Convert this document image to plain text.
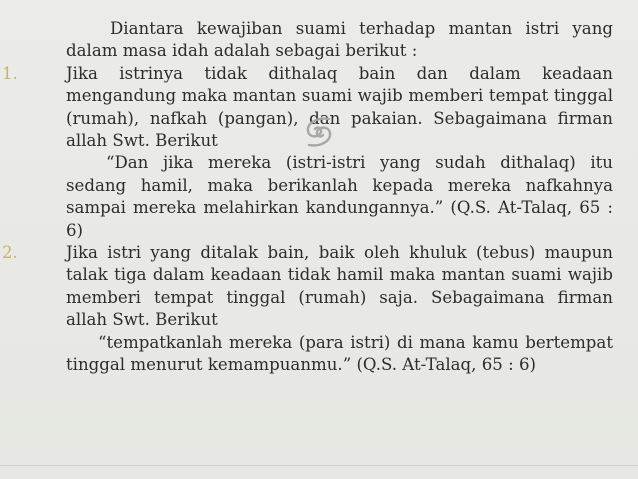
Diantara kewajiban suami terhadap mantan istri yang dalam masa idah adalah sebagai berikut :

1.	Jika istrinya tidak dithalaq bain dan dalam keadaan mengandung maka mantan suami wajib memberi tempat tinggal (rumah), nafkah (pangan), dan pakaian. Sebagaimana firman allah Swt. Berikut

“Dan jika mereka (istri-istri yang sudah dithalaq) itu sedang hamil, maka berikanlah kepada mereka nafkahnya sampai mereka melahirkan kandungannya.” (Q.S. At-Talaq, 65 : 6)

2.	Jika istri yang ditalak bain, baik oleh khuluk (tebus) maupun talak tiga dalam keadaan tidak hamil maka mantan suami wajib memberi tempat tinggal (rumah) saja. Sebagaimana firman allah Swt. Berikut

“tempatkanlah mereka (para istri) di mana kamu bertempat tinggal menurut kemampuanmu.” (Q.S. At-Talaq, 65 : 6)
